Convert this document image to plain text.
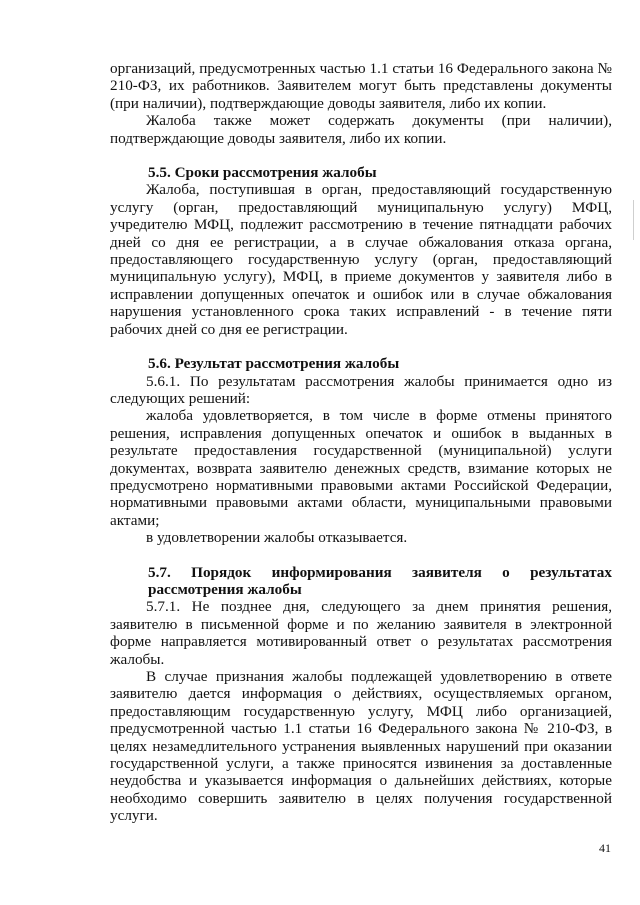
организаций, предусмотренных частью 1.1 статьи 16 Федерального закона № 210-ФЗ, их работников. Заявителем могут быть представлены документы (при наличии), подтверждающие доводы заявителя, либо их копии.

Жалоба также может содержать документы (при наличии), подтверждающие доводы заявителя, либо их копии.

5.5. Сроки рассмотрения жалобы

Жалоба, поступившая в орган, предоставляющий государственную услугу (орган, предоставляющий муниципальную услугу) МФЦ, учредителю МФЦ, подлежит рассмотрению в течение пятнадцати рабочих дней со дня ее регистрации, а в случае обжалования отказа органа, предоставляющего государственную услугу (орган, предоставляющий муниципальную услугу), МФЦ, в приеме документов у заявителя либо в исправлении допущенных опечаток и ошибок или в случае обжалования нарушения установленного срока таких исправлений - в течение пяти рабочих дней со дня ее регистрации.

5.6. Результат рассмотрения жалобы

5.6.1. По результатам рассмотрения жалобы принимается одно из следующих решений:

жалоба удовлетворяется, в том числе в форме отмены принятого решения, исправления допущенных опечаток и ошибок в выданных в результате предоставления государственной (муниципальной) услуги документах, возврата заявителю денежных средств, взимание которых не предусмотрено нормативными правовыми актами Российской Федерации, нормативными правовыми актами области, муниципальными правовыми актами;

в удовлетворении жалобы отказывается.

5.7. Порядок информирования заявителя о результатах
рассмотрения жалобы

5.7.1. Не позднее дня, следующего за днем принятия решения, заявителю в письменной форме и по желанию заявителя в электронной форме направляется мотивированный ответ о результатах рассмотрения жалобы.

В случае признания жалобы подлежащей удовлетворению в ответе заявителю дается информация о действиях, осуществляемых органом, предоставляющим государственную услугу, МФЦ либо организацией, предусмотренной частью 1.1 статьи 16 Федерального закона № 210-ФЗ, в целях незамедлительного устранения выявленных нарушений при оказании государственной услуги, а также приносятся извинения за доставленные неудобства и указывается информация о дальнейших действиях, которые необходимо совершить заявителю в целях получения государственной услуги.

41
